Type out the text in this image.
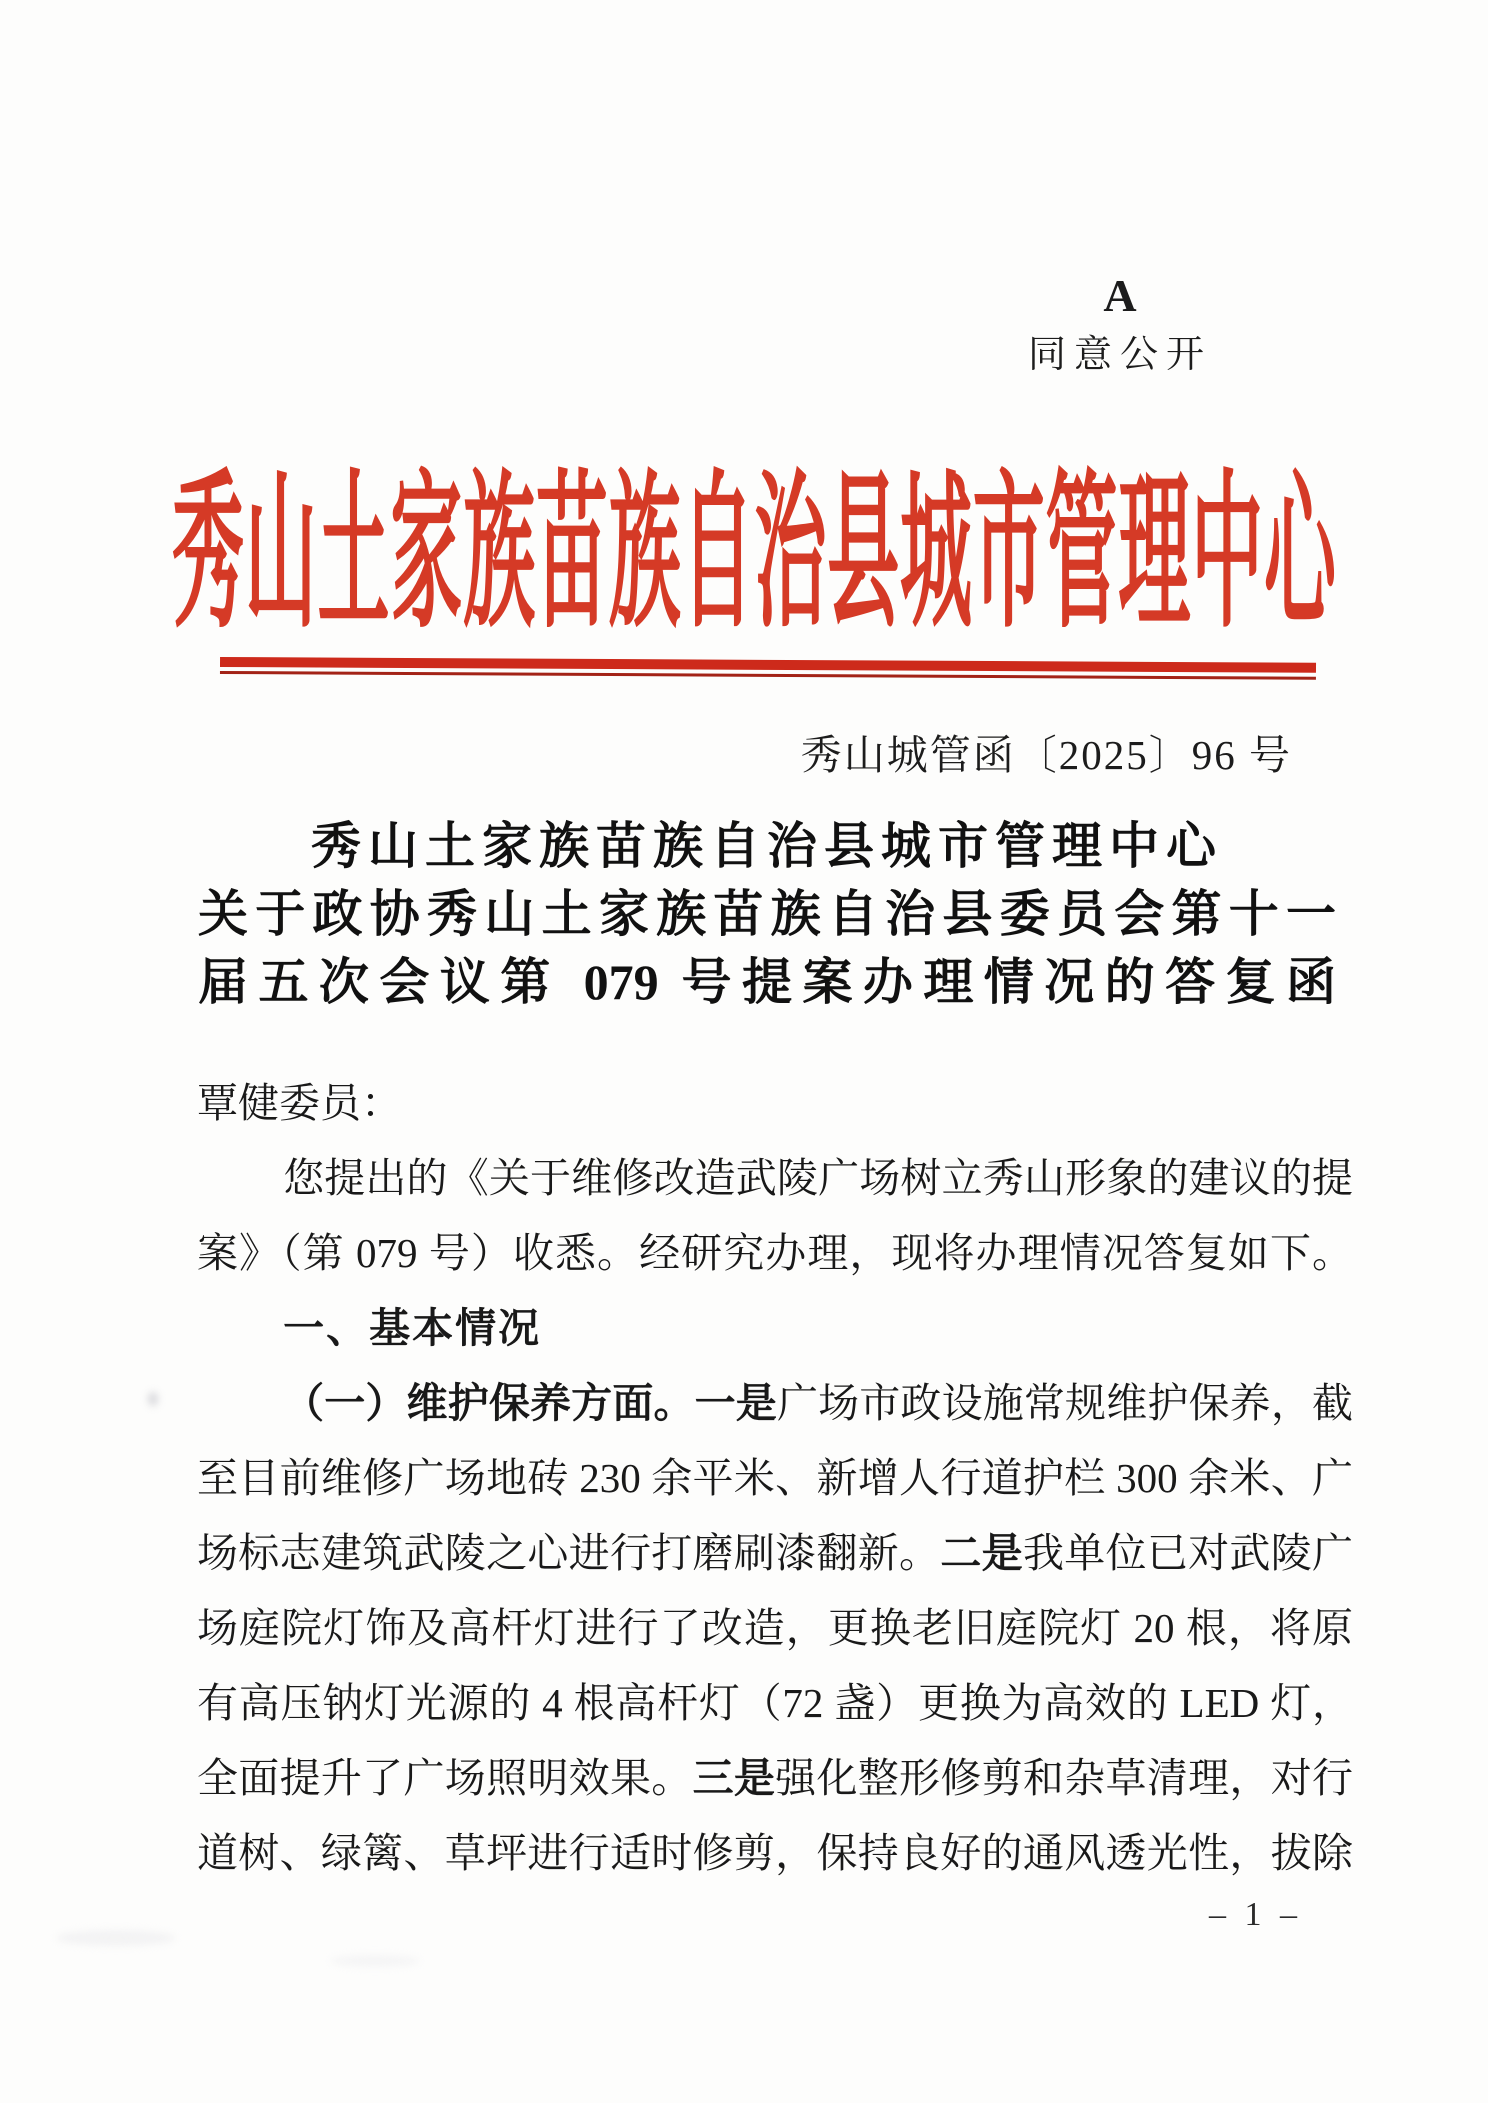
A
同意公开
秀 山 土 家 族 苗 族 自 治 县 城 市 管 理 中 心
秀山城管函〔2025〕96 号
秀山土家族苗族自治县城市管理中心
关于政协秀山土家族苗族自治县委员会第十一
届五次会议第 079 号提案办理情况的答复函
覃健委员：
您提出的《关于维修改造武陵广场树立秀山形象的建议的提
案》（第 079 号）收悉。经研究办理，现将办理情况答复如下。
一、基本情况
（一）维护保养方面。一是广场市政设施常规维护保养，截
至目前维修广场地砖 230 余平米、新增人行道护栏 300 余米、广
场标志建筑武陵之心进行打磨刷漆翻新。二是我单位已对武陵广
场庭院灯饰及高杆灯进行了改造，更换老旧庭院灯 20 根，将原
有高压钠灯光源的 4 根高杆灯（72 盏）更换为高效的 LED 灯，
全面提升了广场照明效果。三是强化整形修剪和杂草清理，对行
道树、绿篱、草坪进行适时修剪，保持良好的通风透光性，拔除
– 1 –
